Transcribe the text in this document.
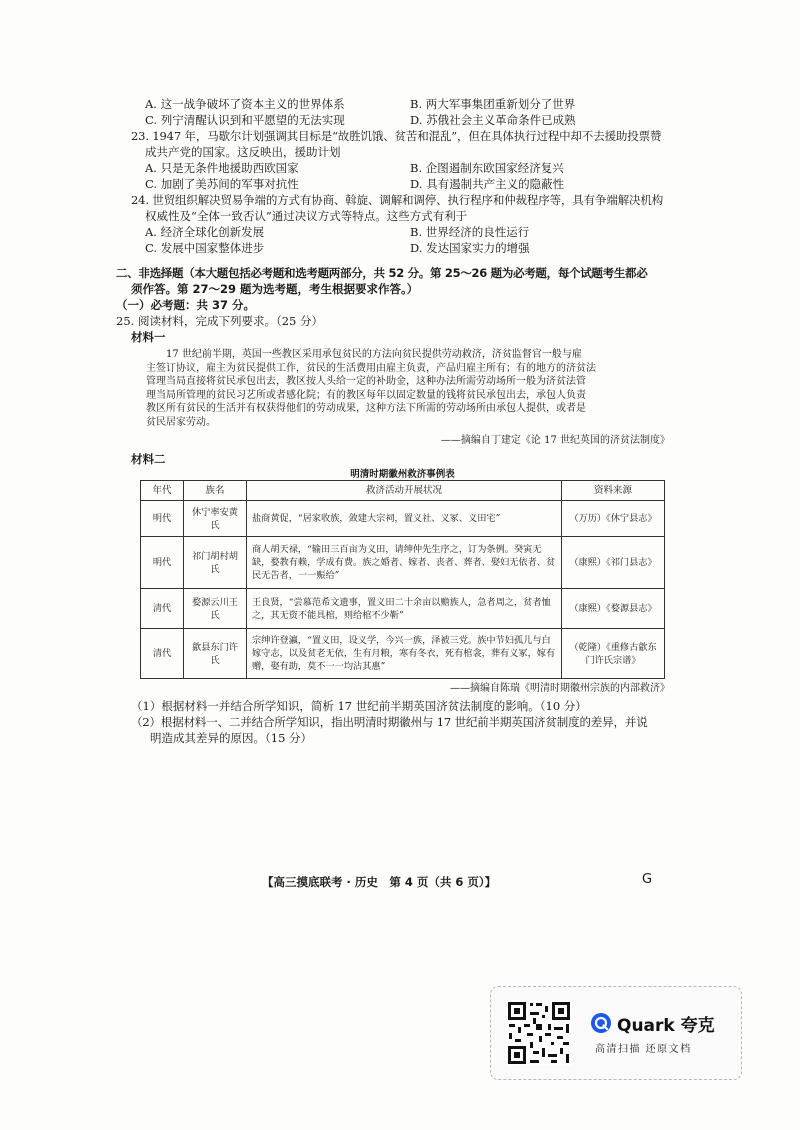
A. 这一战争破坏了资本主义的世界体系	B. 两大军事集团重新划分了世界
C. 列宁清醒认识到和平愿望的无法实现	D. 苏俄社会主义革命条件已成熟
23. 1947 年，马歇尔计划强调其目标是“故胜饥饿、贫苦和混乱”，但在具体执行过程中却不去援助投票赞
成共产党的国家。这反映出，援助计划
A. 只是无条件地援助西欧国家	B. 企图遏制东欧国家经济复兴
C. 加剧了美苏间的军事对抗性	D. 具有遏制共产主义的隐蔽性
24. 世贸组织解决贸易争端的方式有协商、斡旋、调解和调停、执行程序和仲裁程序等，具有争端解决机构
权威性及“全体一致否认”通过决议方式等特点。这些方式有利于
A. 经济全球化创新发展	B. 世界经济的良性运行
C. 发展中国家整体进步	D. 发达国家实力的增强
二、非选择题（本大题包括必考题和选考题两部分，共 52 分。第 25～26 题为必考题，每个试题考生都必
须作答。第 27～29 题为选考题，考生根据要求作答。）
（一）必考题：共 37 分。
25. 阅读材料，完成下列要求。（25 分）
材料一
17 世纪前半期，英国一些教区采用承包贫民的方法向贫民提供劳动救济，济贫监督官一般与雇
主签订协议，雇主为贫民提供工作，贫民的生活费用由雇主负责，产品归雇主所有；有的地方的济贫法
管理当局直接将贫民承包出去，教区按人头给一定的补助金，这种办法所需劳动场所一般为济贫法管
理当局所管理的贫民习艺所或者感化院；有的教区每年以固定数量的钱将贫民承包出去，承包人负责
教区所有贫民的生活并有权获得他们的劳动成果，这种方法下所需的劳动场所由承包人提供，或者是
贫民居家劳动。
——摘编自丁建定《论 17 世纪英国的济贫法制度》
材料二
明清时期徽州救济事例表
年代	族名	救济活动开展状况	资料来源
明代	休宁率安黄氏	盐商黄促，“居家收族，敛建大宗祠，置义社、义冢、义田宅”	（万历）《休宁县志》
明代	祁门胡村胡氏	商人胡天禄，“输田三百亩为义田，请绅仲先生序之，订为条例。癸寅无缺，婺教有赖，学成有费。族之婚者、嫁者、丧者、葬者、娶妇无依者、贫民无告者，一一赈给”	（康熙）《祁门县志》
清代	婺源云川王氏	王良贤，“尝慕范希文遗事，置义田二十余亩以赡族人，急者周之，贫者恤之，其无资不能具棺，则给棺不少靳”	（康熙）《婺源县志》
清代	歙县东门许氏	宗绅许登瀛，“置义田，设义学，今兴一族，泽被三党。族中节妇孤儿与白嫁守志，以及贫老无依，生有月粮，寒有冬衣，死有棺衾，葬有义冢，嫁有赠，娶有助，莫不一一均沾其惠”	（乾隆）《重修古歙东门许氏宗谱》
——摘编自陈瑞《明清时期徽州宗族的内部救济》
（1）根据材料一并结合所学知识，简析 17 世纪前半期英国济贫法制度的影响。（10 分）
（2）根据材料一、二并结合所学知识，指出明清时期徽州与 17 世纪前半期英国济贫制度的差异，并说
明造成其差异的原因。（15 分）
【高三摸底联考 · 历史　第 4 页（共 6 页）】	G
Quark 夸克
高清扫描 还原文档
